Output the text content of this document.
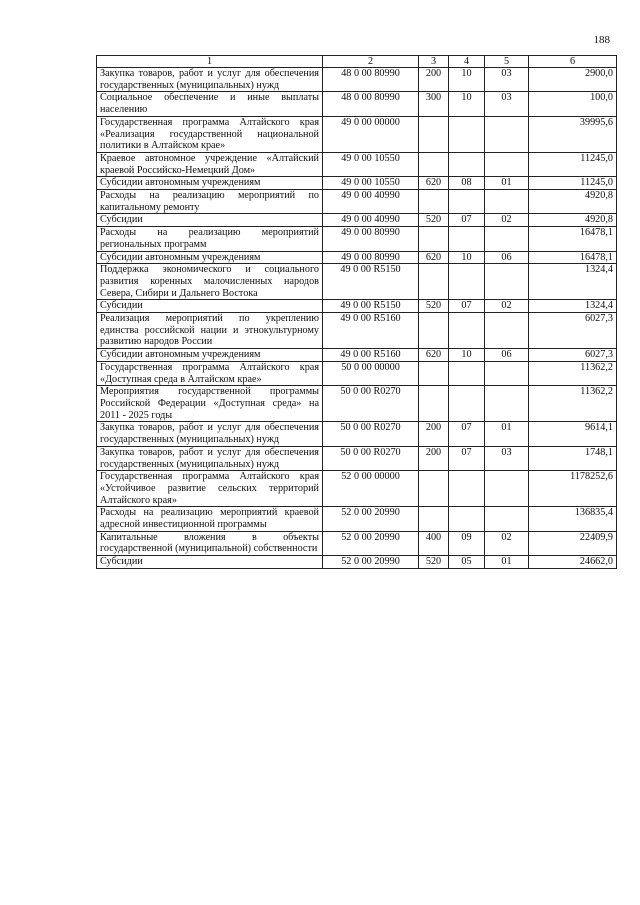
188
1	2	3	4	5	6
Закупка товаров, работ и услуг для обеспечения государственных (муниципальных) нужд	48 0 00 80990	200	10	03	2900,0
Социальное обеспечение и иные выплаты населению	48 0 00 80990	300	10	03	100,0
Государственная программа Алтайского края «Реализация государственной национальной политики в Алтайском крае»	49 0 00 00000				39995,6
Краевое автономное учреждение «Алтайский краевой Российско-Немецкий Дом»	49 0 00 10550				11245,0
Субсидии автономным учреждениям	49 0 00 10550	620	08	01	11245,0
Расходы на реализацию мероприятий по капитальному ремонту	49 0 00 40990				4920,8
Субсидии	49 0 00 40990	520	07	02	4920,8
Расходы на реализацию мероприятий региональных программ	49 0 00 80990				16478,1
Субсидии автономным учреждениям	49 0 00 80990	620	10	06	16478,1
Поддержка экономического и социального развития коренных малочисленных народов Севера, Сибири и Дальнего Востока	49 0 00 R5150				1324,4
Субсидии	49 0 00 R5150	520	07	02	1324,4
Реализация мероприятий по укреплению единства российской нации и этнокультурному развитию народов России	49 0 00 R5160				6027,3
Субсидии автономным учреждениям	49 0 00 R5160	620	10	06	6027,3
Государственная программа Алтайского края «Доступная среда в Алтайском крае»	50 0 00 00000				11362,2
Мероприятия государственной программы Российской Федерации «Доступная среда» на 2011 - 2025 годы	50 0 00 R0270				11362,2
Закупка товаров, работ и услуг для обеспечения государственных (муниципальных) нужд	50 0 00 R0270	200	07	01	9614,1
Закупка товаров, работ и услуг для обеспечения государственных (муниципальных) нужд	50 0 00 R0270	200	07	03	1748,1
Государственная программа Алтайского края «Устойчивое развитие сельских территорий Алтайского края»	52 0 00 00000				1178252,6
Расходы на реализацию мероприятий краевой адресной инвестиционной программы	52 0 00 20990				136835,4
Капитальные вложения в объекты государственной (муниципальной) собственности	52 0 00 20990	400	09	02	22409,9
Субсидии	52 0 00 20990	520	05	01	24662,0
